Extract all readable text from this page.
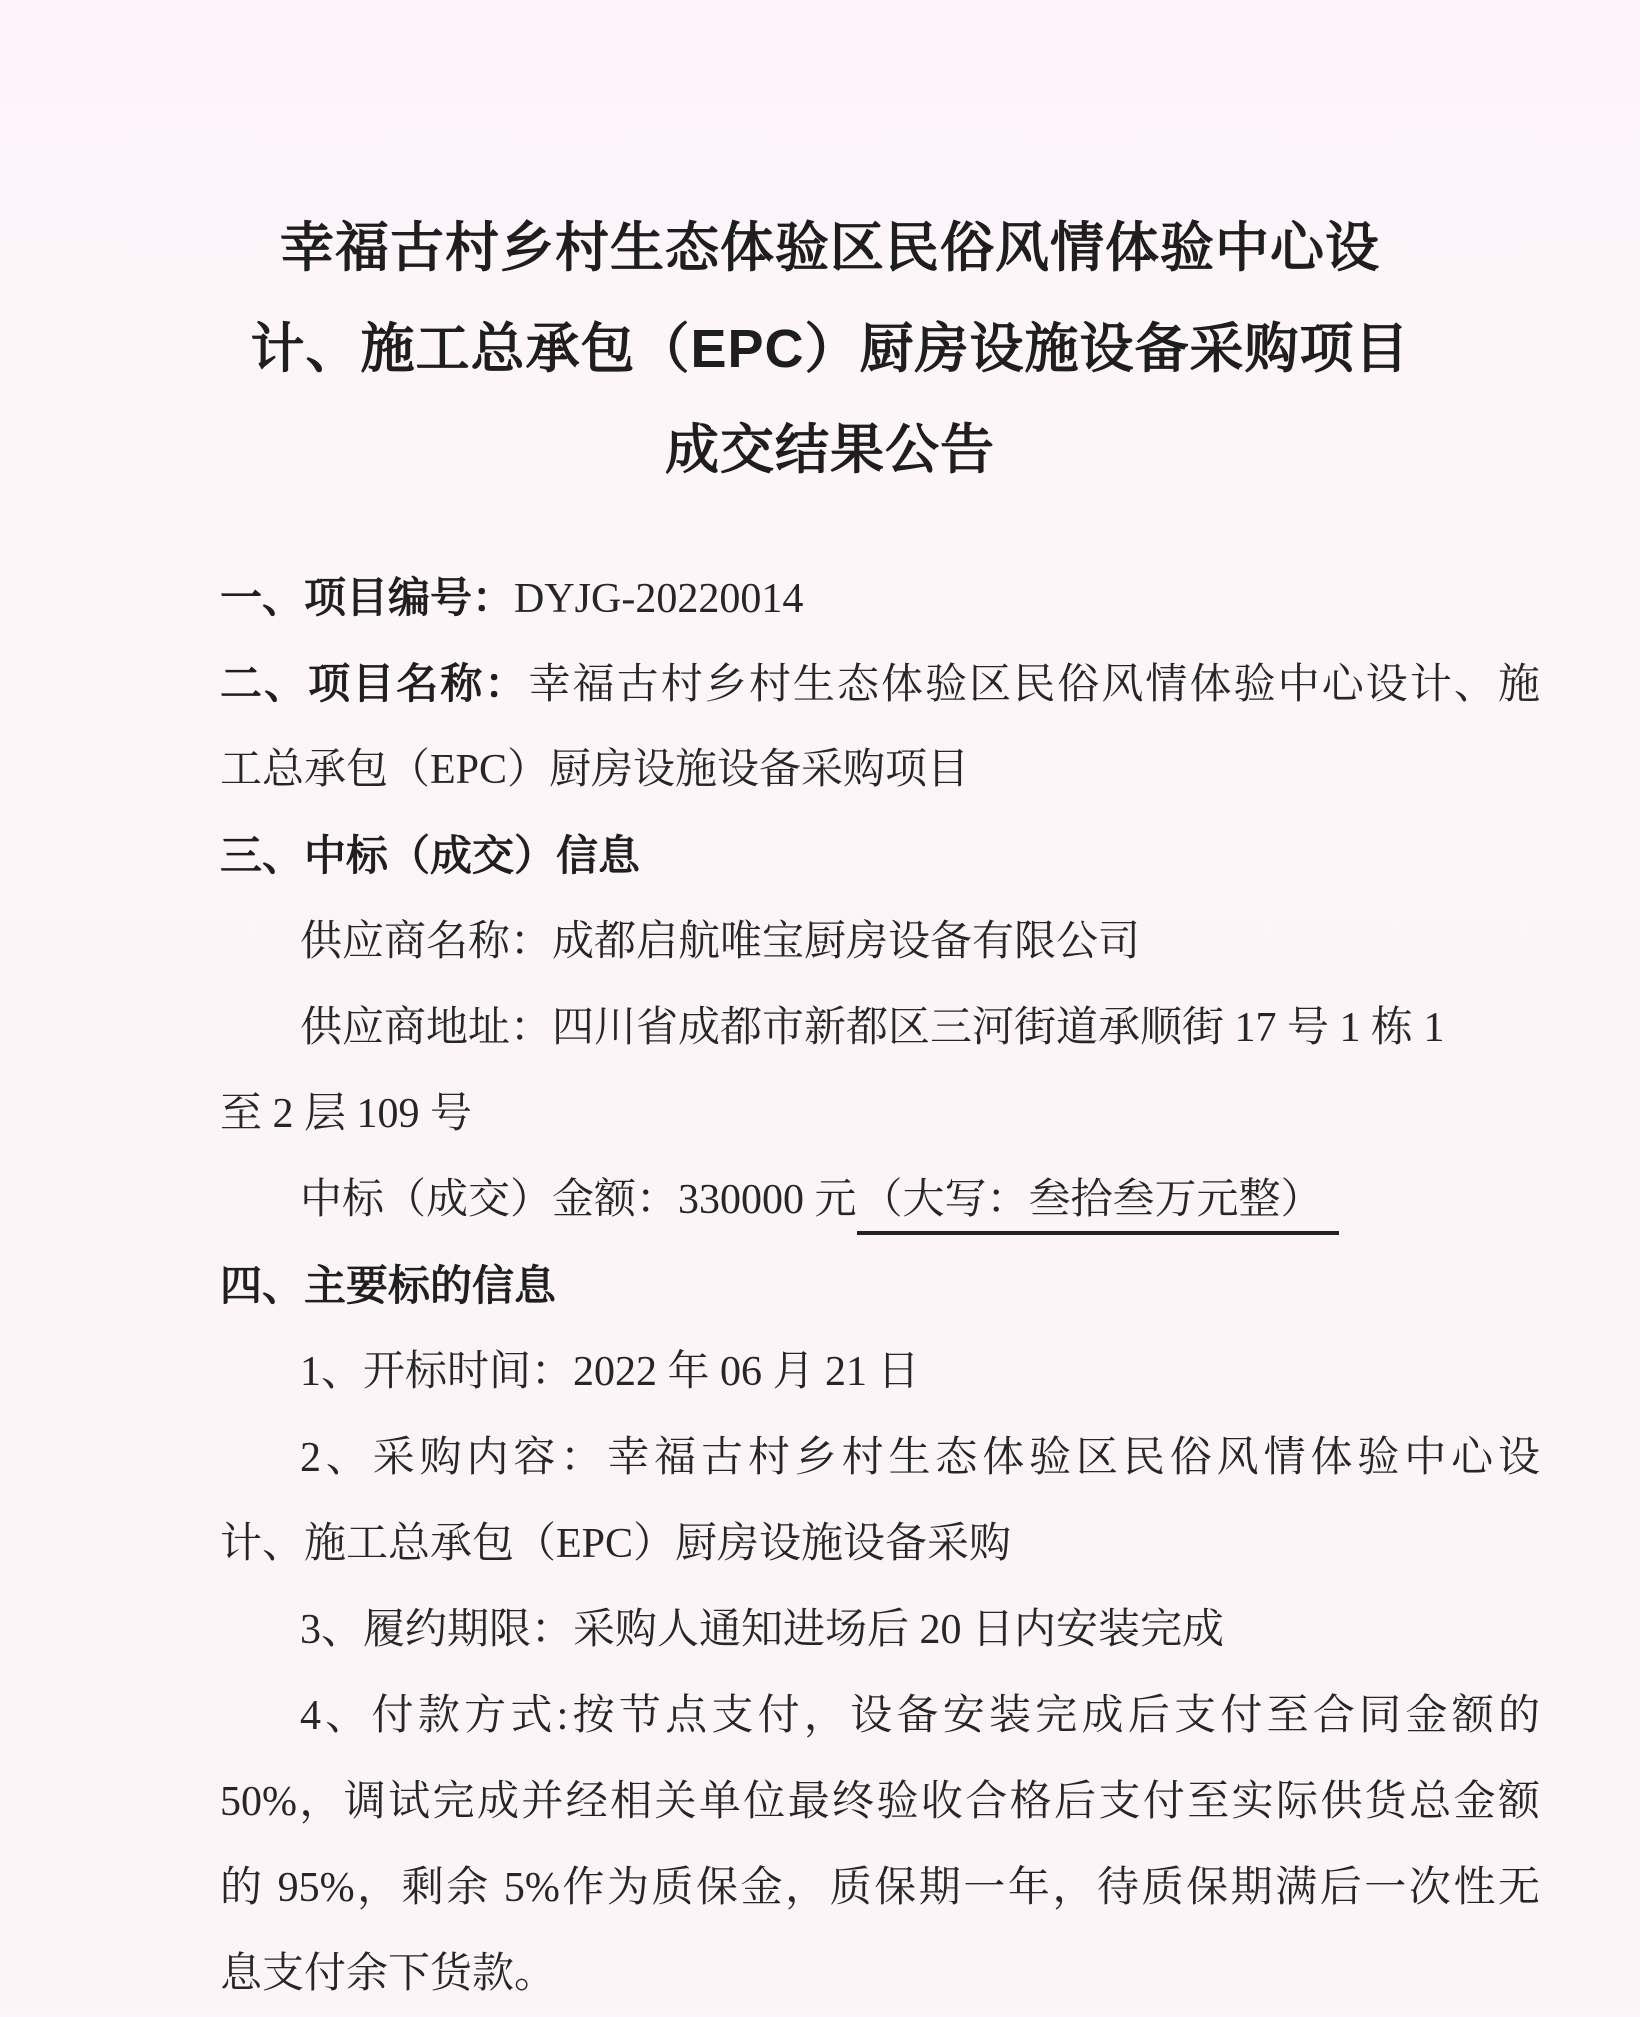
幸福古村乡村生态体验区民俗风情体验中心设
计、施工总承包（EPC）厨房设施设备采购项目
成交结果公告
一、项目编号：DYJG-20220014
二、项目名称：幸福古村乡村生态体验区民俗风情体验中心设计、施
工总承包（EPC）厨房设施设备采购项目
三、中标（成交）信息
供应商名称：成都启航唯宝厨房设备有限公司
供应商地址：四川省成都市新都区三河街道承顺街 17 号 1 栋 1
至 2 层 109 号
中标（成交）金额：330000 元（大写：叁拾叁万元整）
四、主要标的信息
1、开标时间：2022 年 06 月 21 日
2、采购内容：幸福古村乡村生态体验区民俗风情体验中心设
计、施工总承包（EPC）厨房设施设备采购
3、履约期限：采购人通知进场后 20 日内安装完成
4、付款方式:按节点支付，设备安装完成后支付至合同金额的
50%，调试完成并经相关单位最终验收合格后支付至实际供货总金额
的 95%，剩余 5%作为质保金，质保期一年，待质保期满后一次性无
息支付余下货款。
